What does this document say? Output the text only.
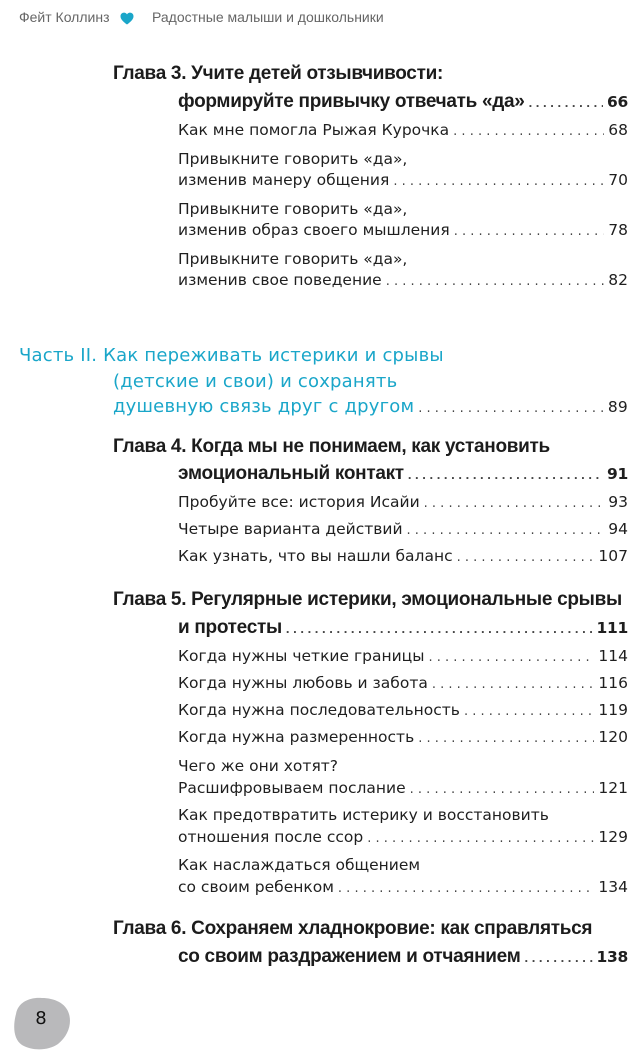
Фейт Коллинз	Радостные малыши и дошкольники
Глава 3. Учите детей отзывчивости:
формируйте привычку отвечать «да» . . .	66
Как мне помогла Рыжая Курочка . . .	68
Привыкните говорить «да»,
изменив манеру общения . . .	70
Привыкните говорить «да»,
изменив образ своего мышления . . .	78
Привыкните говорить «да»,
изменив свое поведение . . .	82
Часть II. Как переживать истерики и срывы
(детские и свои) и сохранять
душевную связь друг с другом . . .	89
Глава 4. Когда мы не понимаем, как установить
эмоциональный контакт . . .	91
Пробуйте все: история Исайи . . .	93
Четыре варианта действий . . .	94
Как узнать, что вы нашли баланс . . .	107
Глава 5. Регулярные истерики, эмоциональные срывы
и протесты . . .	111
Когда нужны четкие границы . . .	114
Когда нужны любовь и забота . . .	116
Когда нужна последовательность . . .	119
Когда нужна размеренность . . .	120
Чего же они хотят?
Расшифровываем послание . . .	121
Как предотвратить истерику и восстановить
отношения после ссор . . .	129
Как наслаждаться общением
со своим ребенком . . .	134
Глава 6. Сохраняем хладнокровие: как справляться
со своим раздражением и отчаянием . . .	138
8
